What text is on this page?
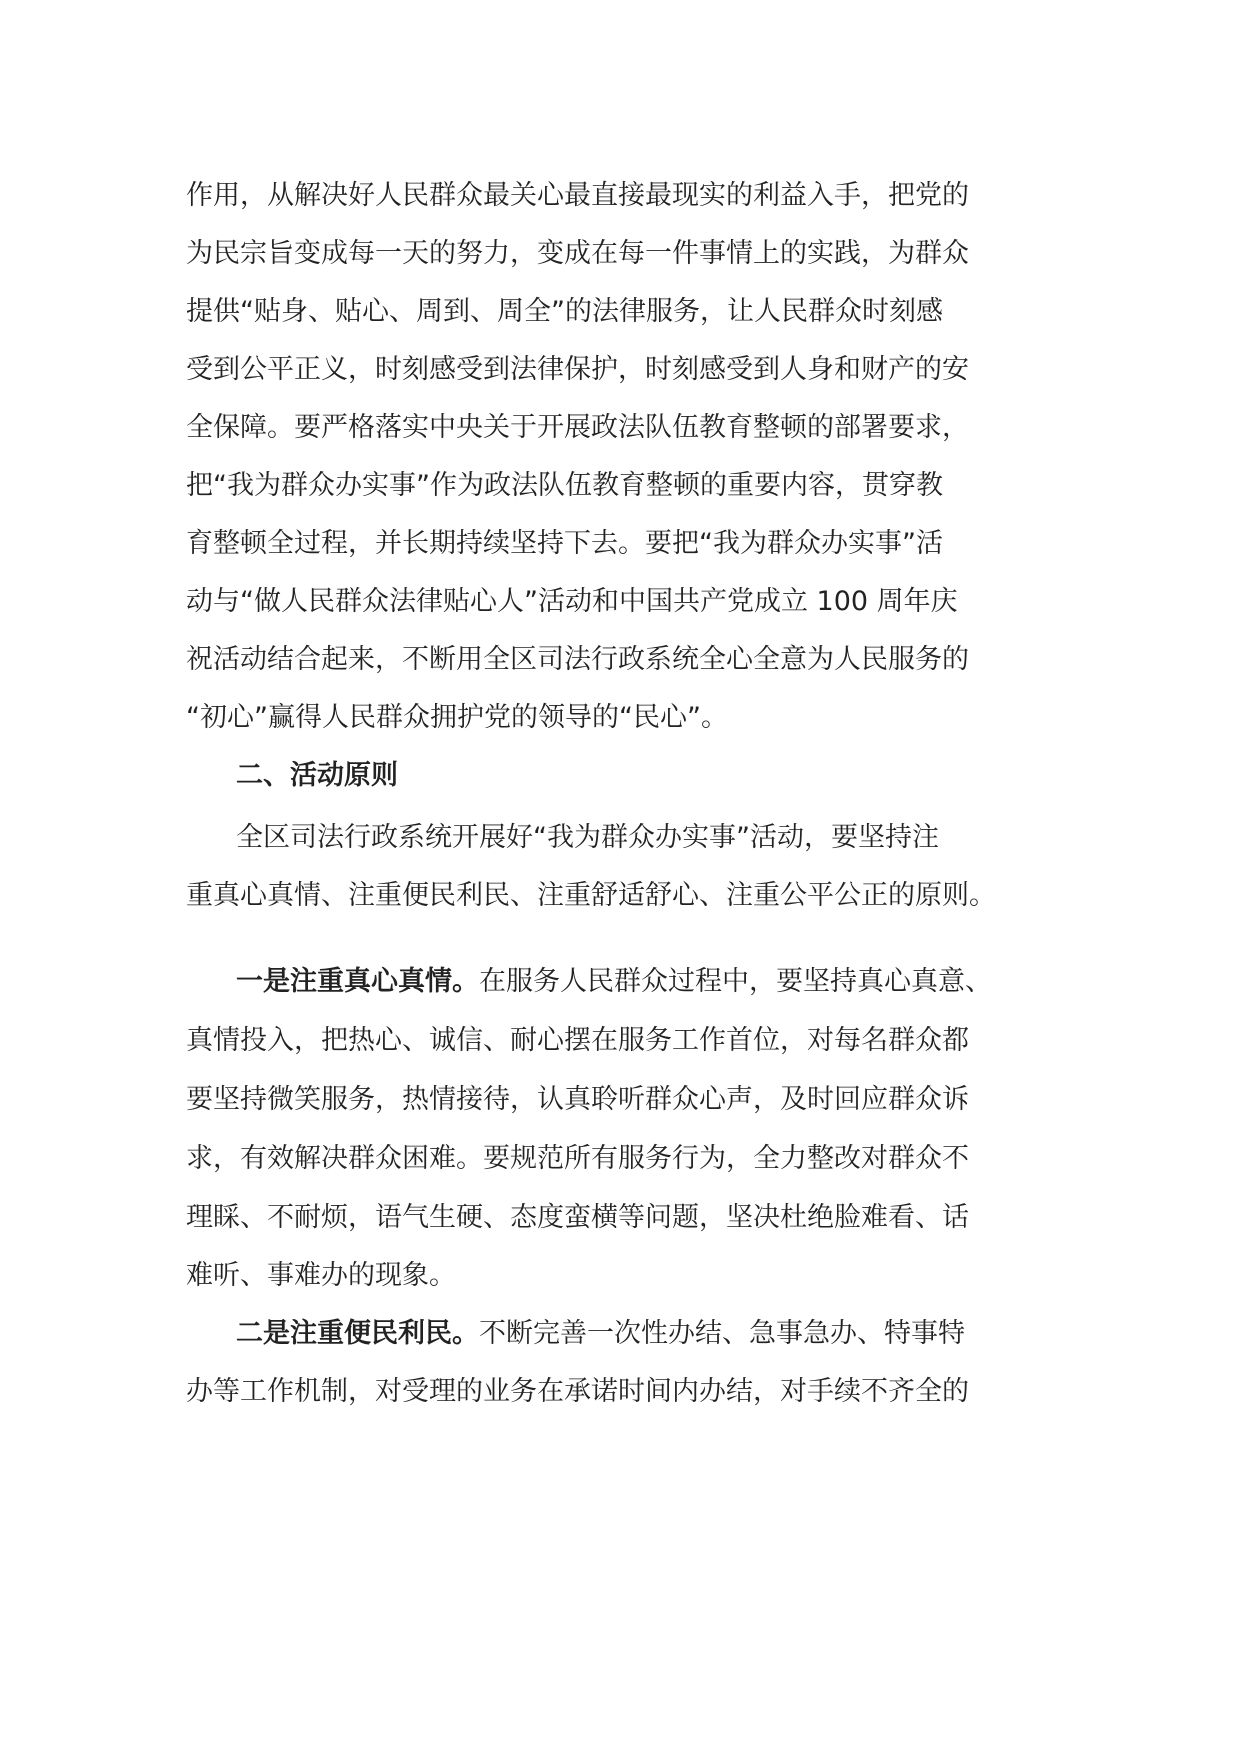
作用，从解决好人民群众最关心最直接最现实的利益入手，把党的
为民宗旨变成每一天的努力，变成在每一件事情上的实践，为群众
提供“贴身、贴心、周到、周全”的法律服务，让人民群众时刻感
受到公平正义，时刻感受到法律保护，时刻感受到人身和财产的安
全保障。要严格落实中央关于开展政法队伍教育整顿的部署要求，
把“我为群众办实事”作为政法队伍教育整顿的重要内容，贯穿教
育整顿全过程，并长期持续坚持下去。要把“我为群众办实事”活
动与“做人民群众法律贴心人”活动和中国共产党成立 100 周年庆
祝活动结合起来，不断用全区司法行政系统全心全意为人民服务的
“初心”赢得人民群众拥护党的领导的“民心”。
二、活动原则
全区司法行政系统开展好“我为群众办实事”活动，要坚持注
重真心真情、注重便民利民、注重舒适舒心、注重公平公正的原则。
一是注重真心真情。在服务人民群众过程中，要坚持真心真意、
真情投入，把热心、诚信、耐心摆在服务工作首位，对每名群众都
要坚持微笑服务，热情接待，认真聆听群众心声，及时回应群众诉
求，有效解决群众困难。要规范所有服务行为，全力整改对群众不
理睬、不耐烦，语气生硬、态度蛮横等问题，坚决杜绝脸难看、话
难听、事难办的现象。
二是注重便民利民。不断完善一次性办结、急事急办、特事特
办等工作机制，对受理的业务在承诺时间内办结，对手续不齐全的
